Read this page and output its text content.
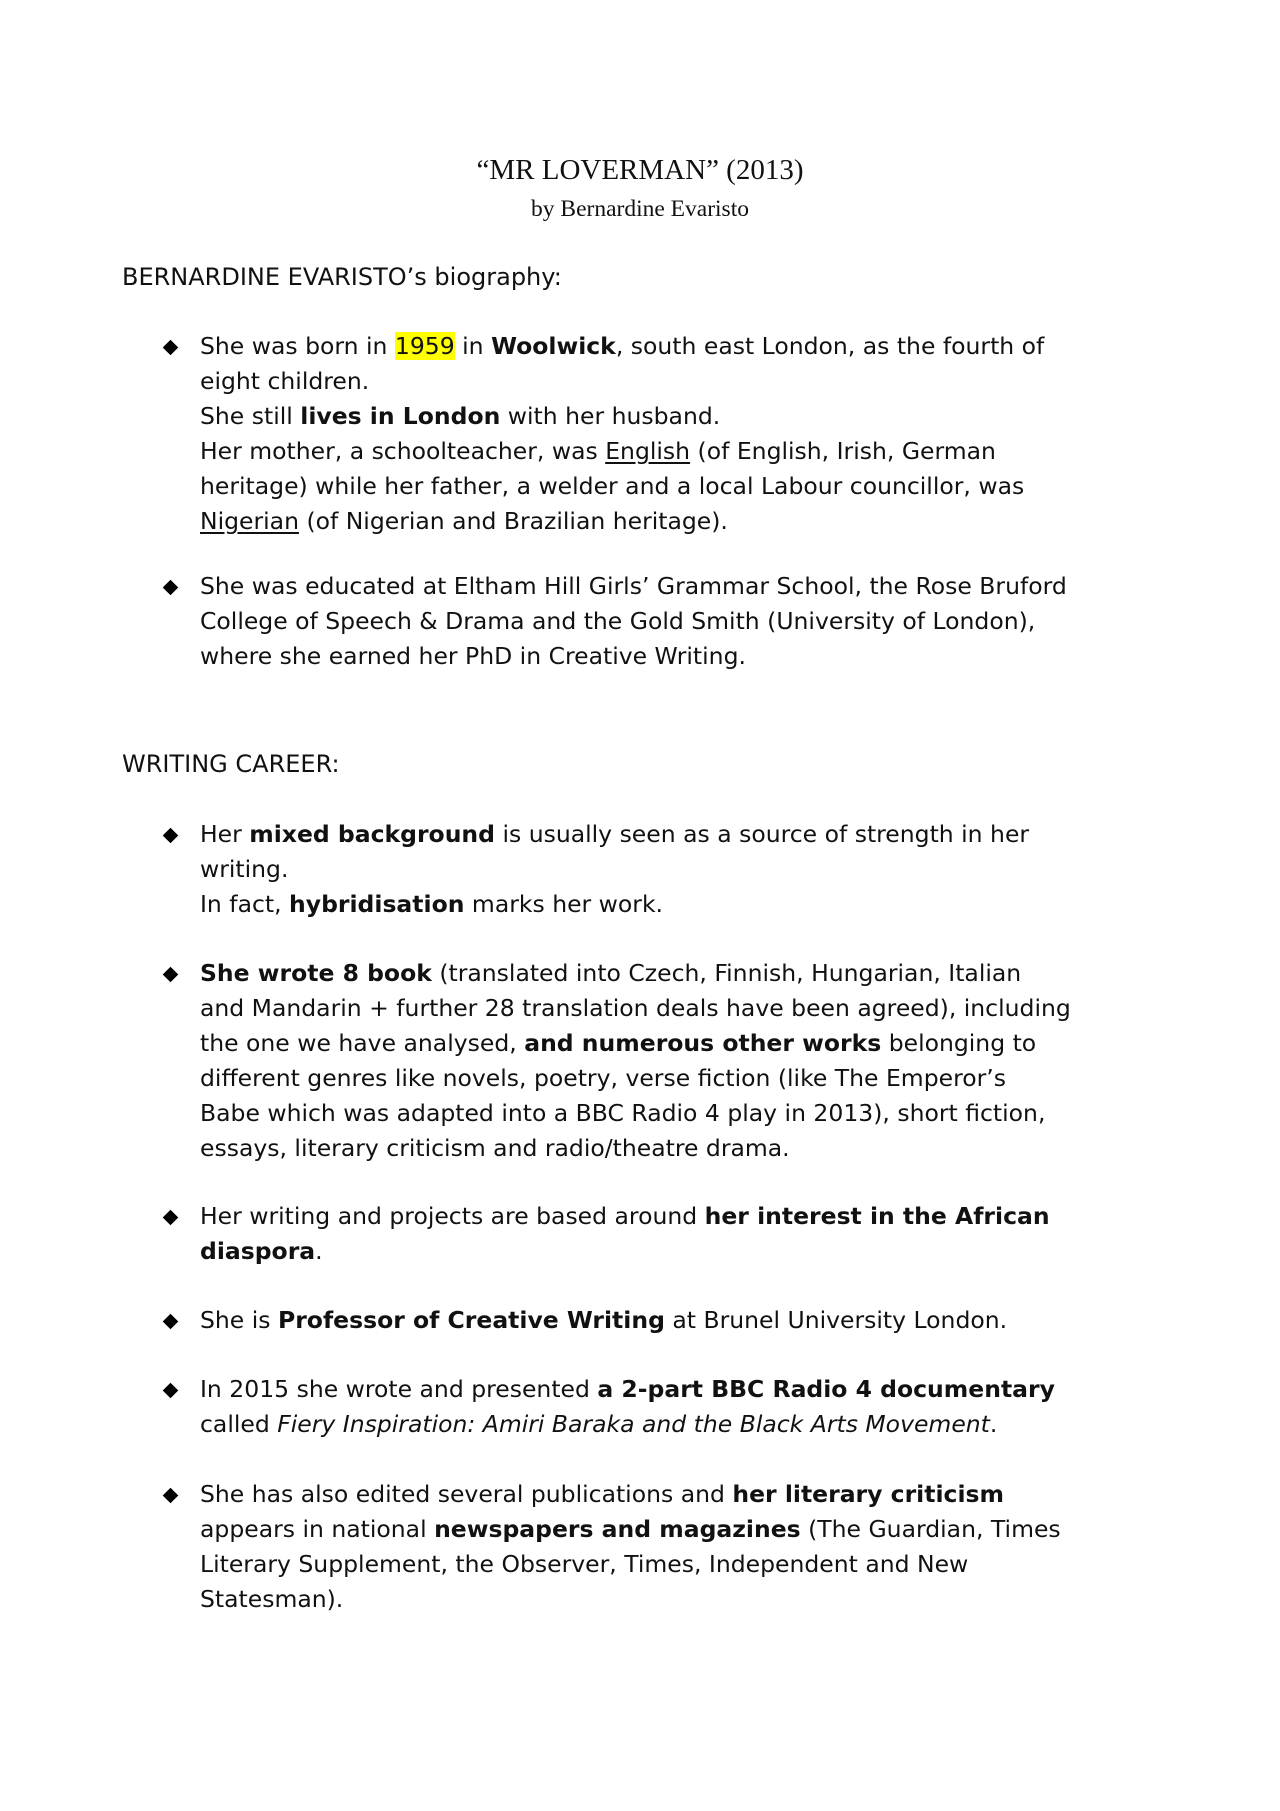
“MR LOVERMAN” (2013)

by Bernardine Evaristo

BERNARDINE EVARISTO’s biography:
She was born in 1959 in Woolwick, south east London, as the fourth of
eight children.
She still lives in London with her husband.
Her mother, a schoolteacher, was English (of English, Irish, German
heritage) while her father, a welder and a local Labour councillor, was
Nigerian (of Nigerian and Brazilian heritage).
She was educated at Eltham Hill Girls’ Grammar School, the Rose Bruford
College of Speech & Drama and the Gold Smith (University of London),
where she earned her PhD in Creative Writing.
WRITING CAREER:
Her mixed background is usually seen as a source of strength in her
writing.
In fact, hybridisation marks her work.
She wrote 8 book (translated into Czech, Finnish, Hungarian, Italian
and Mandarin + further 28 translation deals have been agreed), including
the one we have analysed, and numerous other works belonging to
different genres like novels, poetry, verse fiction (like The Emperor’s
Babe which was adapted into a BBC Radio 4 play in 2013), short fiction,
essays, literary criticism and radio/theatre drama.
Her writing and projects are based around her interest in the African
diaspora.
She is Professor of Creative Writing at Brunel University London.
In 2015 she wrote and presented a 2-part BBC Radio 4 documentary
called Fiery Inspiration: Amiri Baraka and the Black Arts Movement.
She has also edited several publications and her literary criticism
appears in national newspapers and magazines (The Guardian, Times
Literary Supplement, the Observer, Times, Independent and New
Statesman).
